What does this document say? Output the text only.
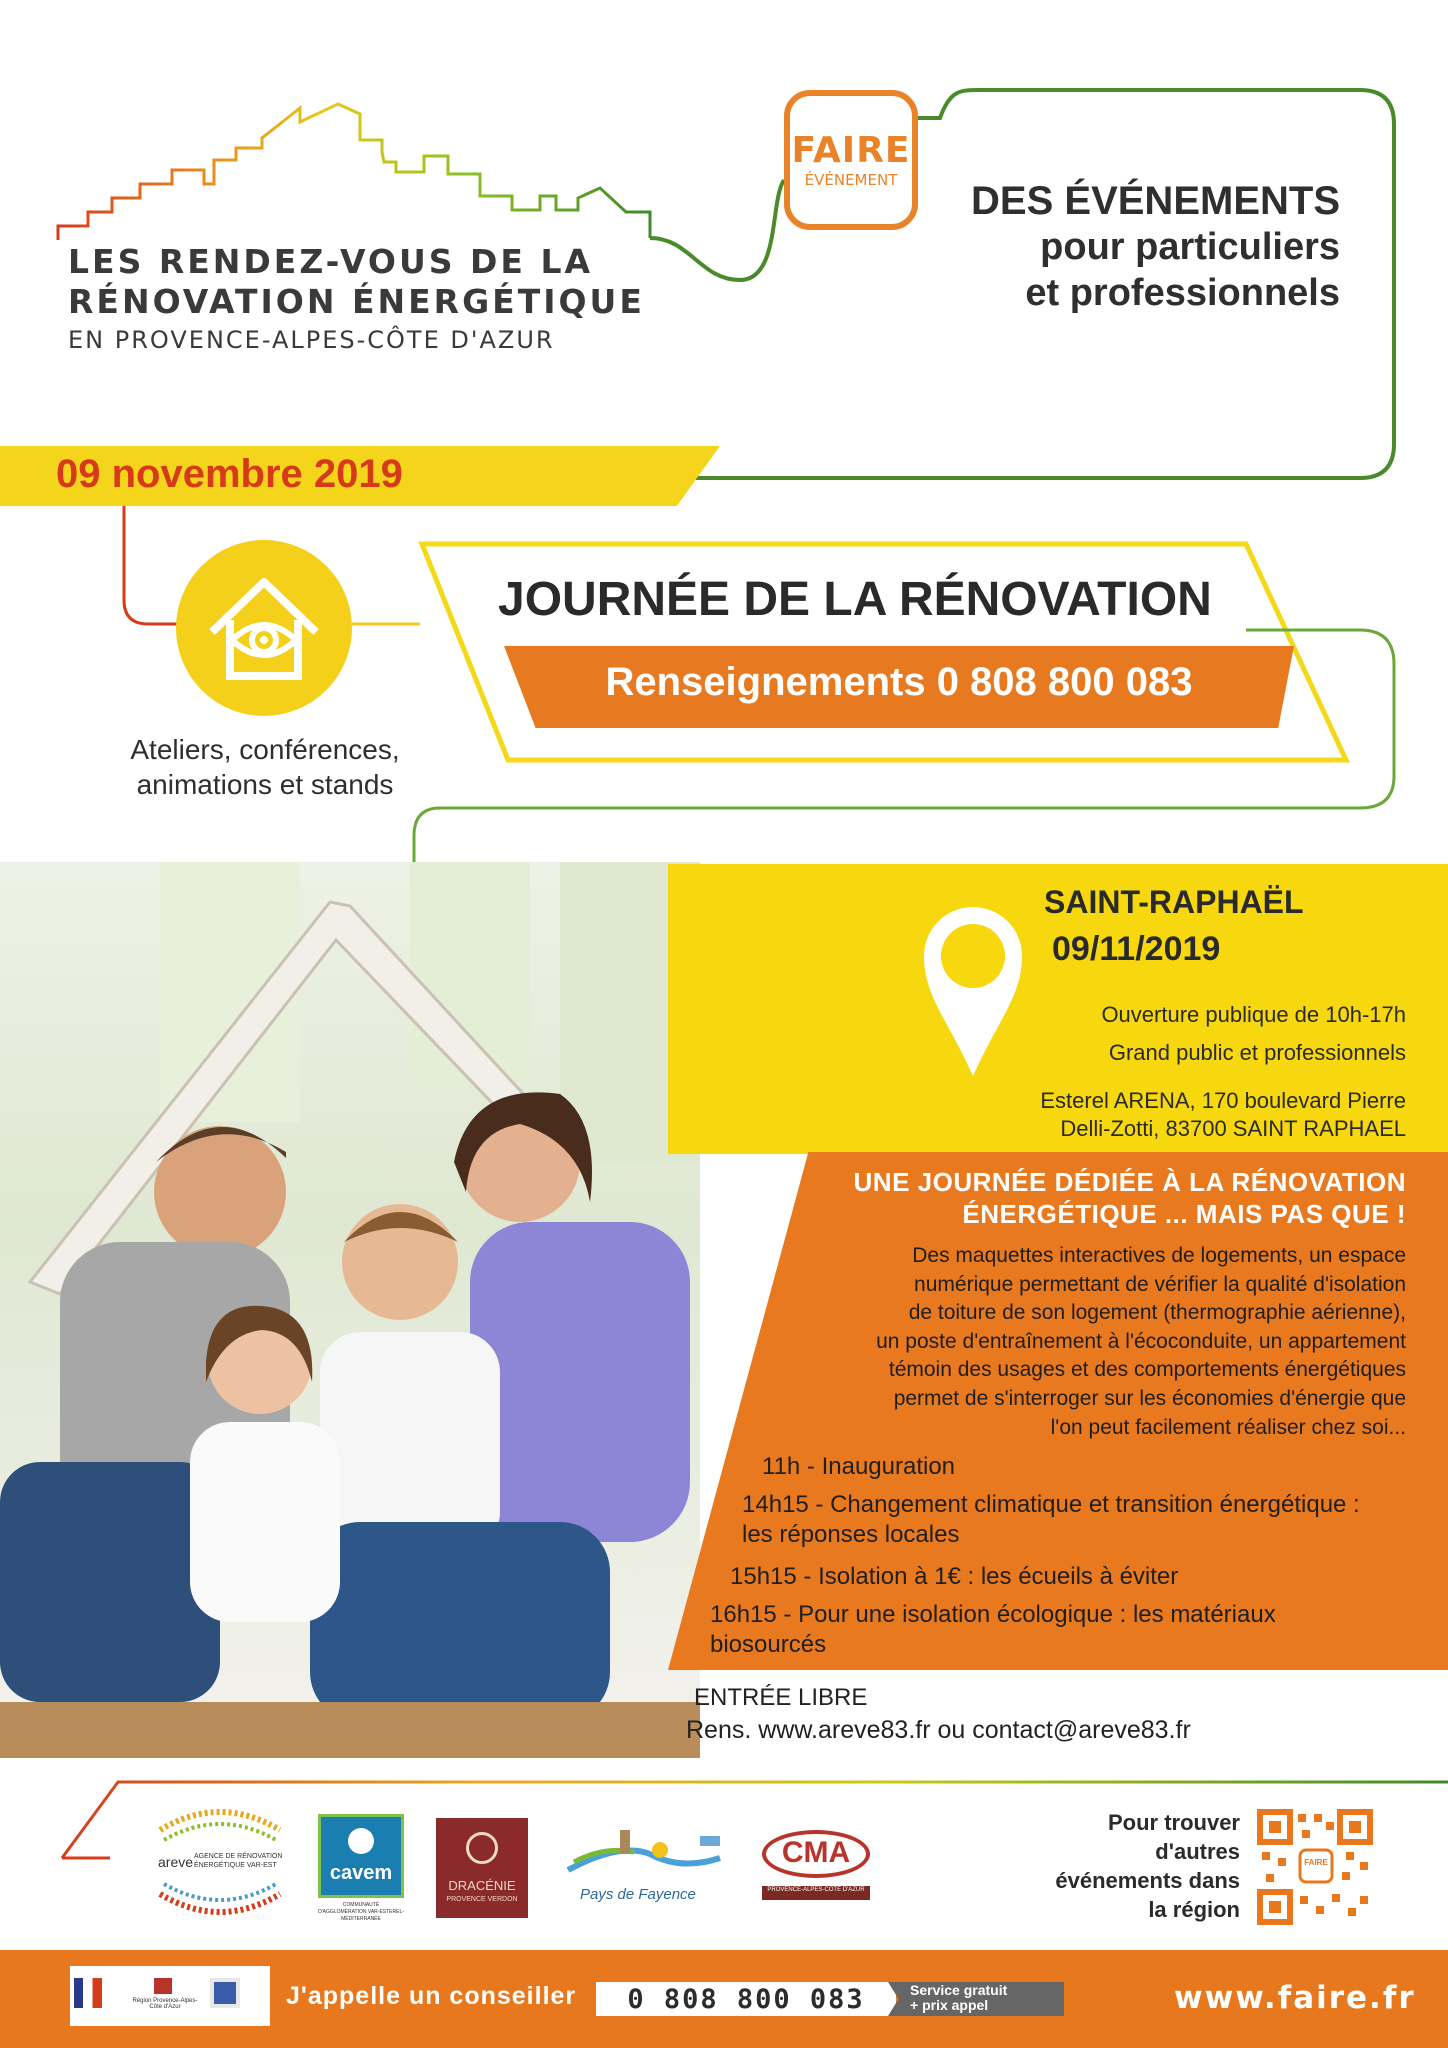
LES RENDEZ-VOUS DE LA
RÉNOVATION ÉNERGÉTIQUE
EN PROVENCE-ALPES-CÔTE D'AZUR
FAIRE
ÉVÉNEMENT	DES ÉVÉNEMENTS
pour particuliers
et professionnels
09 novembre 2019
Ateliers, conférences,
animations et stands
JOURNÉE DE LA RÉNOVATION
Renseignements 0 808 800 083
SAINT-RAPHAËL
09/11/2019
Ouverture publique de 10h-17h
Grand public et professionnels
Esterel ARENA, 170 boulevard Pierre
Delli-Zotti, 83700 SAINT RAPHAEL
UNE JOURNÉE DÉDIÉE À LA RÉNOVATION
ÉNERGÉTIQUE ... MAIS PAS QUE !
Des maquettes interactives de logements, un espace
numérique permettant de vérifier la qualité d'isolation
de toiture de son logement (thermographie aérienne),
un poste d'entraînement à l'écoconduite, un appartement
témoin des usages et des comportements énergétiques
permet de s'interroger sur les économies d'énergie que
l'on peut facilement réaliser chez soi...
11h - Inauguration
14h15 - Changement climatique et transition énergétique : les réponses locales
15h15 - Isolation à 1€ : les écueils à éviter
16h15 - Pour une isolation écologique : les matériaux biosourcés
ENTRÉE LIBRE
Rens. www.areve83.fr ou contact@areve83.fr
areve AGENCE DE RÉNOVATION ÉNERGÉTIQUE VAR-EST	cavem
COMMUNAUTÉ D'AGGLOMÉRATION VAR-ESTEREL-MÉDITERRANÉE
DRACÉNIE
PROVENCE VERDON	Pays de Fayence
CMA
PROVENCE-ALPES-CÔTE D'AZUR
Pour trouver
d'autres
événements dans
la région
FAIRE
Région Provence-Alpes-Côte d'Azur	J'appelle un conseiller	0 808 800 083	Service gratuit
+ prix appel	www.faire.fr
